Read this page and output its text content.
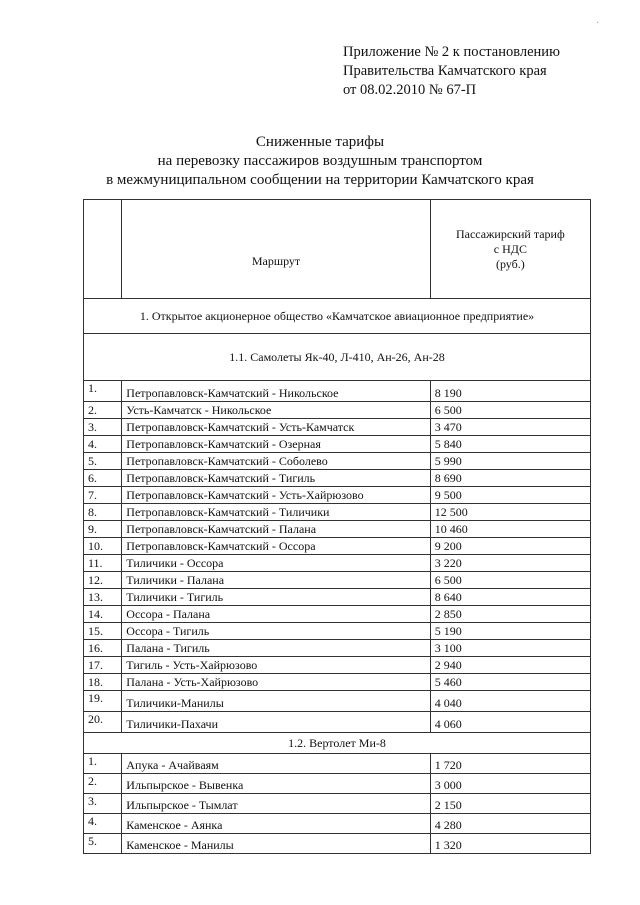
·
Приложение № 2 к постановлению
Правительства Камчатского края
от 08.02.2010 № 67-П
Сниженные тарифы
на перевозку пассажиров воздушным транспортом
в межмуниципальном сообщении на территории Камчатского края
	Маршрут	Пассажирский тариф
с НДС
(руб.)

1. Открытое акционерное общество «Камчатское авиационное предприятие»		
1.1. Самолеты Як-40, Л-410, Ан-26, Ан-28		
1.	Петропавловск-Камчатский - Никольское	8 190
2.	Усть-Камчатск - Никольское	6 500
3.	Петропавловск-Камчатский - Усть-Камчатск	3 470
4.	Петропавловск-Камчатский - Озерная	5 840
5.	Петропавловск-Камчатский - Соболево	5 990
6.	Петропавловск-Камчатский - Тигиль	8 690
7.	Петропавловск-Камчатский - Усть-Хайрюзово	9 500
8.	Петропавловск-Камчатский - Тиличики	12 500
9.	Петропавловск-Камчатский - Палана	10 460
10.	Петропавловск-Камчатский - Оссора	9 200
11.	Тиличики - Оссора	3 220
12.	Тиличики - Палана	6 500
13.	Тиличики - Тигиль	8 640
14.	Оссора - Палана	2 850
15.	Оссора - Тигиль	5 190
16.	Палана - Тигиль	3 100
17.	Тигиль - Усть-Хайрюзово	2 940
18.	Палана - Усть-Хайрюзово	5 460
19.	Тиличики-Манилы	4 040
20.	Тиличики-Пахачи	4 060
1.2. Вертолет Ми-8		
1.	Апука - Ачайваям	1 720
2.	Ильпырское - Вывенка	3 000
3.	Ильпырское - Тымлат	2 150
4.	Каменское - Аянка	4 280
5.	Каменское - Манилы	1 320
